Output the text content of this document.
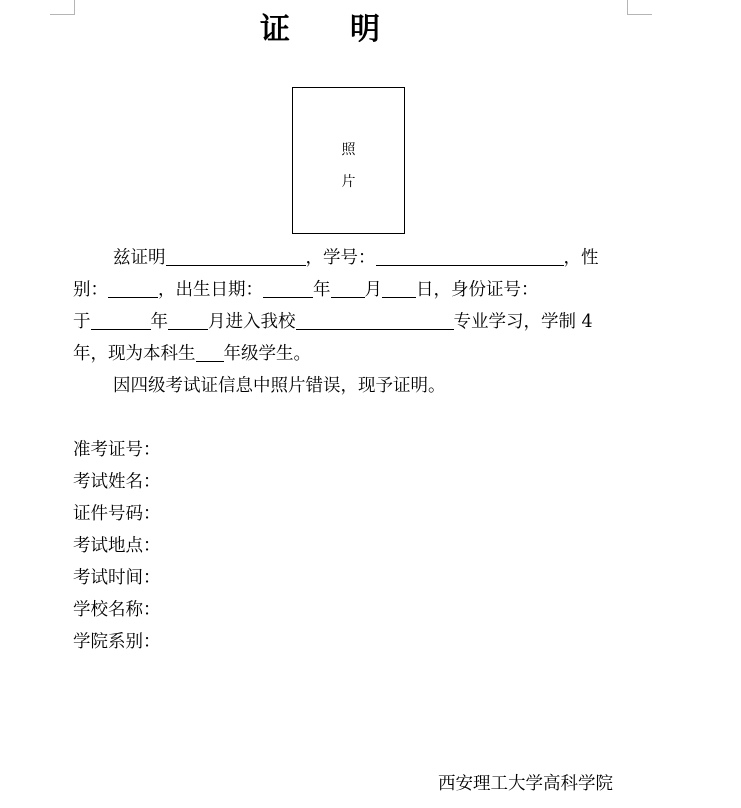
证明
照
片
兹证明	，学号：	，性
别：	，出生日期：	年 月 日，身份证号：
于	年 月进入我校	专业学习，学制 4
年，现为本科生 年级学生。
因四级考试证信息中照片错误，现予证明。
准考证号：
考试姓名：
证件号码：
考试地点：
考试时间：
学校名称：
学院系别：
西安理工大学高科学院
